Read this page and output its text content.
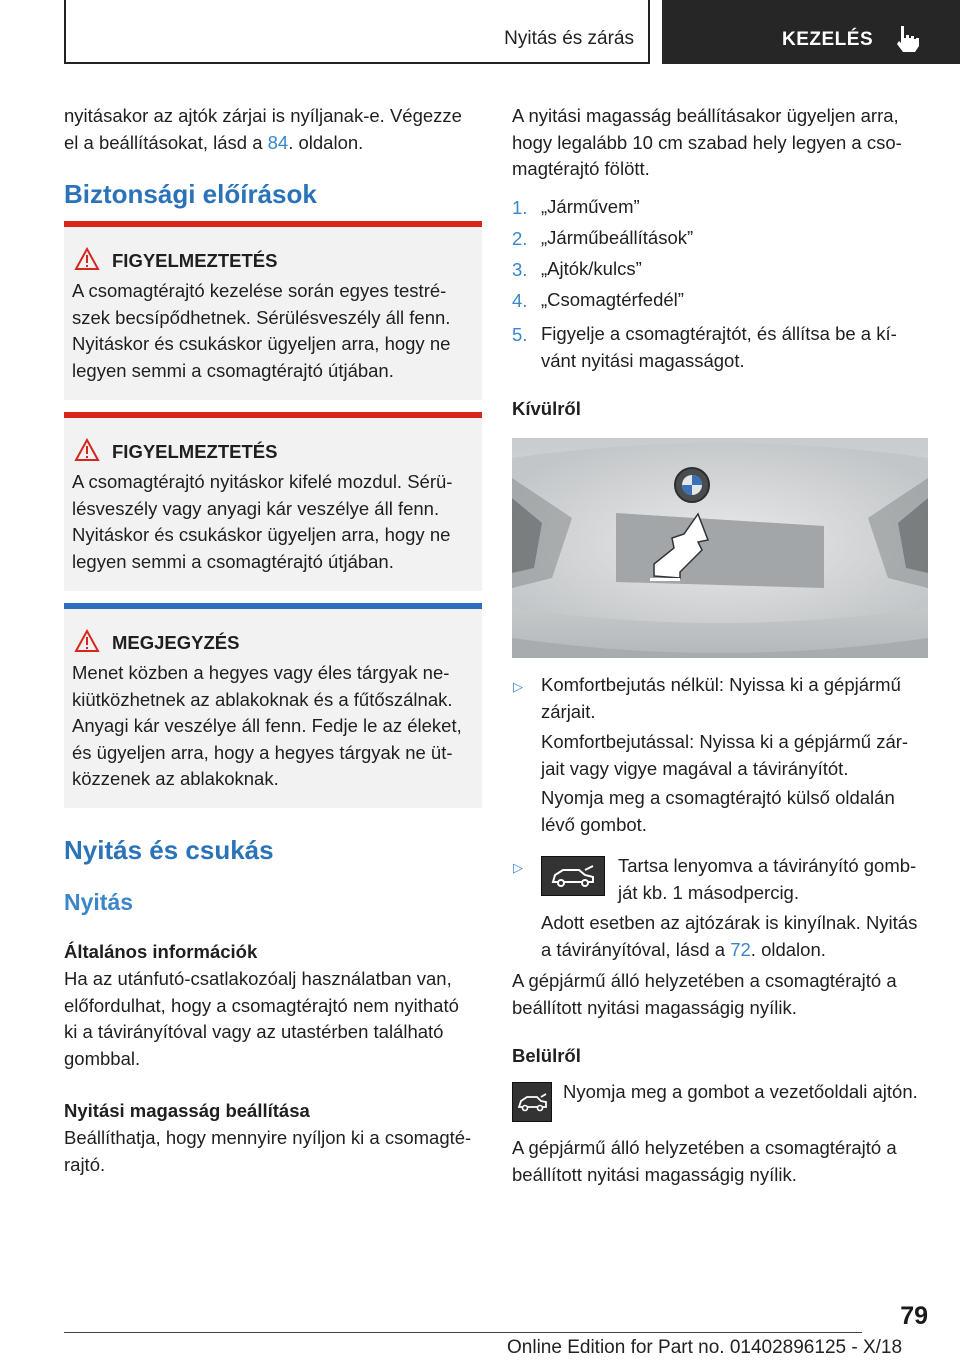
Nyitás és zárás	KEZELÉS
nyitásakor az ajtók zárjai is nyíljanak-e. Végezze
el a beállításokat, lásd a 84. oldalon.
Biztonsági előírások
FIGYELMEZTETÉS
A csomagtérajtó kezelése során egyes testré-
szek becsípődhetnek. Sérülésveszély áll fenn.
Nyitáskor és csukáskor ügyeljen arra, hogy ne
legyen semmi a csomagtérajtó útjában.
FIGYELMEZTETÉS
A csomagtérajtó nyitáskor kifelé mozdul. Sérü-
lésveszély vagy anyagi kár veszélye áll fenn.
Nyitáskor és csukáskor ügyeljen arra, hogy ne
legyen semmi a csomagtérajtó útjában.
MEGJEGYZÉS
Menet közben a hegyes vagy éles tárgyak ne-
kiütközhetnek az ablakoknak és a fűtőszálnak.
Anyagi kár veszélye áll fenn. Fedje le az éleket,
és ügyeljen arra, hogy a hegyes tárgyak ne üt-
közzenek az ablakoknak.
Nyitás és csukás
Nyitás
Általános információk
Ha az utánfutó-csatlakozóalj használatban van,
előfordulhat, hogy a csomagtérajtó nem nyitható
ki a távirányítóval vagy az utastérben található
gombbal.
Nyitási magasság beállítása
Beállíthatja, hogy mennyire nyíljon ki a csomagté-
rajtó.
A nyitási magasság beállításakor ügyeljen arra,
hogy legalább 10 cm szabad hely legyen a cso-
magtérajtó fölött.
1. „Járművem”
2. „Járműbeállítások”
3. „Ajtók/kulcs”
4. „Csomagtérfedél”
5. Figyelje a csomagtérajtót, és állítsa be a kí-
vánt nyitási magasságot.
Kívülről
▷ Komfortbejutás nélkül: Nyissa ki a gépjármű
zárjait.
Komfortbejutással: Nyissa ki a gépjármű zár-
jait vagy vigye magával a távirányítót.
Nyomja meg a csomagtérajtó külső oldalán
lévő gombot.
▷	Tartsa lenyomva a távirányító gomb-
ját kb. 1 másodpercig.
Adott esetben az ajtózárak is kinyílnak. Nyitás
a távirányítóval, lásd a 72. oldalon.
A gépjármű álló helyzetében a csomagtérajtó a
beállított nyitási magasságig nyílik.
Belülről
Nyomja meg a gombot a vezetőoldali ajtón.
A gépjármű álló helyzetében a csomagtérajtó a
beállított nyitási magasságig nyílik.
79
Online Edition for Part no. 01402896125 - X/18
